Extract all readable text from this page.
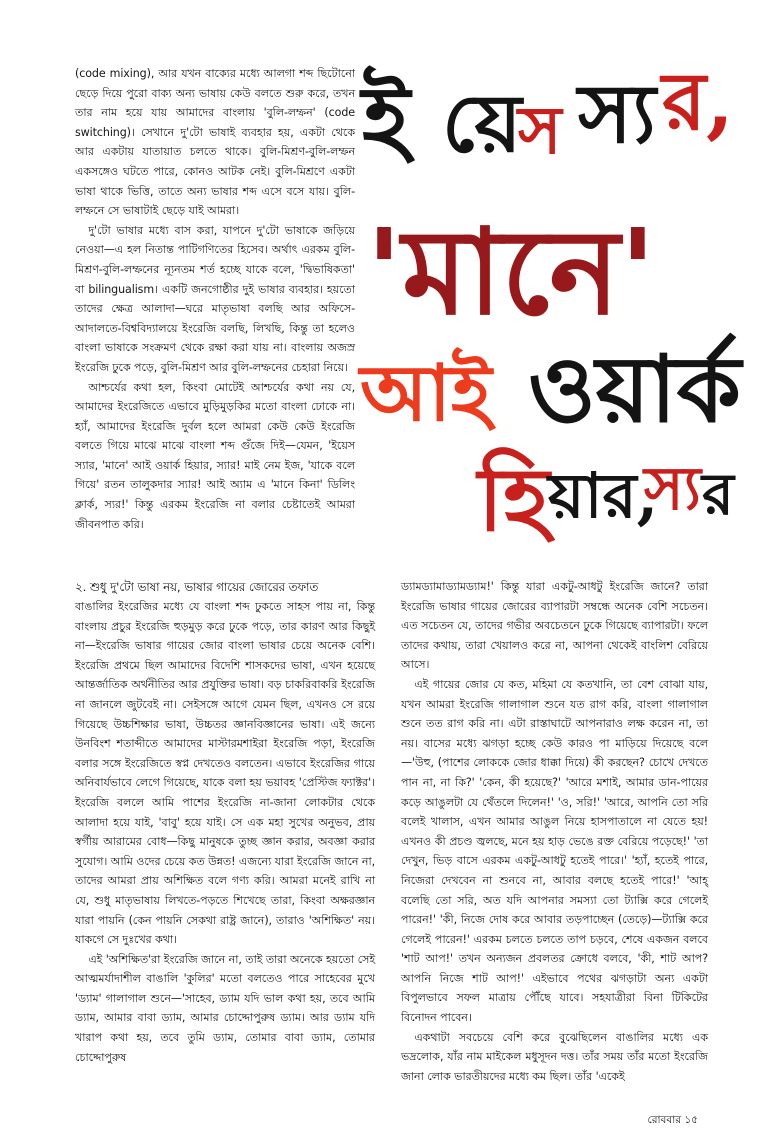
(code mixing), আর যখন বাক্যের মধ্যে আলগা শব্দ ছিটোনো ছেড়ে দিয়ে পুরো বাক্য অন্য ভাষায় কেউ বলতে শুরু করে, তখন তার নাম হয়ে যায় আমাদের বাংলায় 'বুলি-লম্ফন' (code switching)। সেখানে দু'টো ভাষাই ব্যবহার হয়, একটা থেকে আর একটায় যাতায়াত চলতে থাকে। বুলি-মিশ্রণ-বুলি-লম্ফন একসঙ্গেও ঘটতে পারে, কোনও আটক নেই। বুলি-মিশ্রণে একটা ভাষা থাকে ভিত্তি, তাতে অন্য ভাষার শব্দ এসে বসে যায়। বুলি-লম্ফনে সে ভাষাটাই ছেড়ে যাই আমরা।

দু'টো ভাষার মধ্যে বাস করা, যাপনে দু'টো ভাষাকে জড়িয়ে নেওয়া—এ হল নিতান্ত পাটিগণিতের হিসেব। অর্থাৎ এরকম বুলি-মিশ্রণ-বুলি-লম্ফনের ন্যূনতম শর্ত হচ্ছে যাকে বলে, 'দ্বিভাষিকতা' বা bilingualism। একটি জনগোষ্ঠীর দুই ভাষার ব্যবহার। হয়তো তাদের ক্ষেত্র আলাদা—ঘরে মাতৃভাষা বলছি আর অফিসে-আদালতে-বিশ্ববিদ্যালয়ে ইংরেজি বলছি, লিখছি, কিন্তু তা হলেও বাংলা ভাষাকে সংক্রমণ থেকে রক্ষা করা যায় না। বাংলায় অজস্র ইংরেজি ঢুকে পড়ে, বুলি-মিশ্রণ আর বুলি-লম্ফনের চেহারা নিয়ে।

আশ্চর্যের কথা হল, কিংবা মোটেই আশ্চর্যের কথা নয় যে, আমাদের ইংরেজিতে এভাবে মুড়িমুড়কির মতো বাংলা ঢোকে না। হ্যাঁ, আমাদের ইংরেজি দুর্বল হলে আমরা কেউ কেউ ইংরেজি বলতে গিয়ে মাঝে মাঝে বাংলা শব্দ গুঁজে দিই—যেমন, 'ইয়েস স্যার, 'মানে' আই ওয়ার্ক হিয়ার, স্যার! মাই নেম ইজ, 'যাকে বলে গিয়ে' রতন তালুকদার স্যার! আই অ্যাম এ 'মানে কিনা' ডিলিং ক্লার্ক, স্যর!' কিন্তু এরকম ইংরেজি না বলার চেষ্টাতেই আমরা জীবনপাত করি।

ই য়ে
স স্য র,
'মানে'
আই ওয়ার্ক
হি
য়ার,
স্য র

২. শুধু দু'টো ভাষা নয়, ভাষার গায়ের জোরের তফাত

বাঙালির ইংরেজির মধ্যে যে বাংলা শব্দ ঢুকতে সাহস পায় না, কিন্তু বাংলায় প্রচুর ইংরেজি হুড়মুড় করে ঢুকে পড়ে, তার কারণ আর কিছুই না—ইংরেজি ভাষার গায়ের জোর বাংলা ভাষার চেয়ে অনেক বেশি। ইংরেজি প্রথমে ছিল আমাদের বিদেশি শাসকদের ভাষা, এখন হয়েছে আন্তর্জাতিক অর্থনীতির আর প্রযুক্তির ভাষা। বড় চাকরিবাকরি ইংরেজি না জানলে জুটবেই না। সেইসঙ্গে আগে যেমন ছিল, এখনও সে রয়ে গিয়েছে উচ্চশিক্ষার ভাষা, উচ্চতর জ্ঞানবিজ্ঞানের ভাষা। এই জন্যে উনবিংশ শতাব্দীতে আমাদের মাস্টারমশাইরা ইংরেজি পড়া, ইংরেজি বলার সঙ্গে ইংরেজিতে স্বপ্ন দেখতেও বলতেন। এভাবে ইংরেজির গায়ে অনিবার্যভাবে লেগে গিয়েছে, যাকে বলা হয় ভয়াবহ 'প্রেস্টিজ ফ্যাক্টর'। ইংরেজি বললে আমি পাশের ইংরেজি না-জানা লোকটার থেকে আলাদা হয়ে যাই, 'বাবু' হয়ে যাই। সে এক মহা সুখের অনুভব, প্রায় স্বর্গীয় আরামের বোধ—কিছু মানুষকে তুচ্ছ জ্ঞান করার, অবজ্ঞা করার সুযোগ। আমি ওদের চেয়ে কত উন্নত! এজন্যে যারা ইংরেজি জানে না, তাদের আমরা প্রায় অশিক্ষিত বলে গণ্য করি। আমরা মনেই রাখি না যে, শুধু মাতৃভাষায় লিখতে-পড়তে শিখেছে তারা, কিংবা অক্ষরজ্ঞান যারা পায়নি (কেন পায়নি সেকথা রাষ্ট্র জানে), তারাও 'অশিক্ষিত' নয়। যাকগে সে দুঃখের কথা।

এই 'অশিক্ষিত'রা ইংরেজি জানে না, তাই তারা অনেকে হয়তো সেই আত্মমর্যাদাশীল বাঙালি 'কুলির' মতো বলতেও পারে সাহেবের মুখে 'ড্যাম' গালাগাল শুনে—'সাহেব, ড্যাম যদি ভাল কথা হয়, তবে আমি ড্যাম, আমার বাবা ড্যাম, আমার চোদ্দোপুরুষ ড্যাম। আর ড্যাম যদি খারাপ কথা হয়, তবে তুমি ড্যাম, তোমার বাবা ড্যাম, তোমার চোদ্দোপুরুষ

ড্যামড্যামাড্যামড্যাম!' কিন্তু যারা একটু-আধটু ইংরেজি জানে? তারা ইংরেজি ভাষার গায়ের জোরের ব্যাপারটা সম্বন্ধে অনেক বেশি সচেতন। এত সচেতন যে, তাদের গভীর অবচেতনে ঢুকে গিয়েছে ব্যাপারটা। ফলে তাদের কথায়, তারা খেয়ালও করে না, আপনা থেকেই বাংলিশ বেরিয়ে আসে।

এই গায়ের জোর যে কত, মহিমা যে কতখানি, তা বেশ বোঝা যায়, যখন আমরা ইংরেজি গালাগাল শুনে যত রাগ করি, বাংলা গালাগাল শুনে তত রাগ করি না। এটা রাস্তাঘাটে আপনারাও লক্ষ করেন না, তা নয়। বাসের মধ্যে ঝগড়া হচ্ছে কেউ কারও পা মাড়িয়ে দিয়েছে বলে—'উহু, (পাশের লোককে জোর ধাক্কা দিয়ে) কী করছেন? চোখে দেখতে পান না, না কি?' 'কেন, কী হয়েছে?' 'আরে মশাই, আমার ডান-পায়ের কড়ে আঙুলটা যে থেঁতলে দিলেন!' 'ও, সরি!' 'আরে, আপনি তো সরি বলেই খালাস, এখন আমার আঙুল নিয়ে হাসপাতালে না যেতে হয়! এখনও কী প্রচণ্ড জ্বলছে, মনে হয় হাড় ভেঙে রক্ত বেরিয়ে পড়েছে!' 'তা দেখুন, ভিড় বাসে এরকম একটু-আধটু হতেই পারে।' 'হ্যাঁ, হতেই পারে, নিজেরা দেখবেন না শুনবে না, আবার বলছে হতেই পারে!' 'আহ্ বলেছি তো সরি, অত যদি আপনার সমস্যা তো ট্যাক্সি করে গেলেই পারেন!' 'কী, নিজে দোষ করে আবার তড়পাচ্ছেন (তেড়ে)—ট্যাক্সি করে গেলেই পারেন!' এরকম চলতে চলতে তাপ চড়বে, শেষে একজন বলবে 'শাট আপ!' তখন অন্যজন প্রবলতর ক্রোধে বলবে, 'কী, শাট আপ? আপনি নিজে শাট আপ!' এইভাবে পথের ঝগড়াটা অন্য একটা বিপুলভাবে সফল মাত্রায় পৌঁছে যাবে। সহযাত্রীরা বিনা টিকিটের বিনোদন পাবেন।

একথাটা সবচেয়ে বেশি করে বুঝেছিলেন বাঙালির মধ্যে এক ভদ্রলোক, যাঁর নাম মাইকেল মধুসূদন দত্ত। তাঁর সময় তাঁর মতো ইংরেজি জানা লোক ভারতীয়দের মধ্যে কম ছিল। তাঁর 'একেই

রোববার ১৫
